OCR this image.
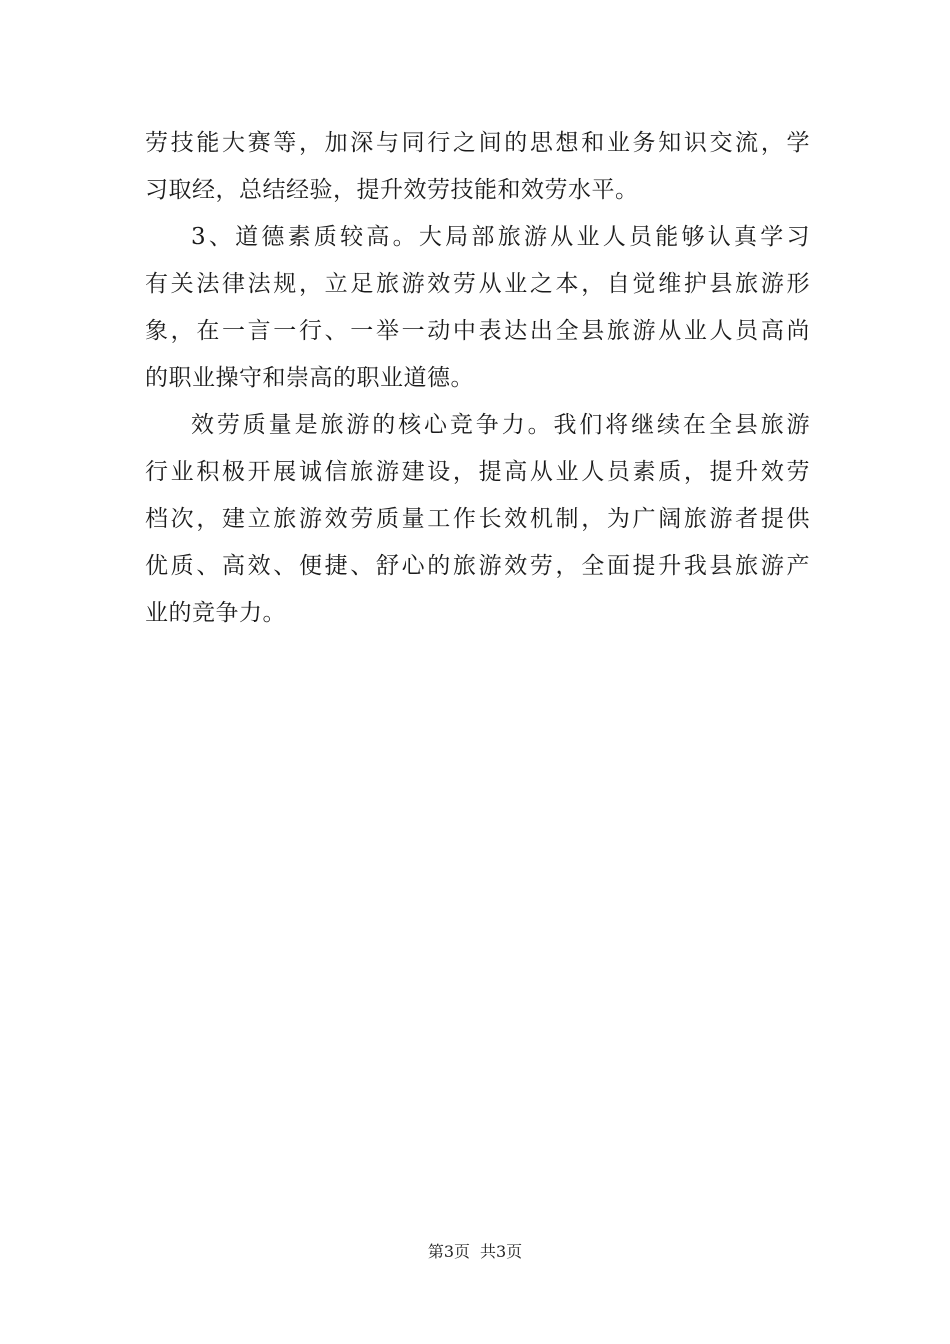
劳技能大赛等，加深与同行之间的思想和业务知识交流，学
习取经，总结经验，提升效劳技能和效劳水平。
3、道德素质较高。大局部旅游从业人员能够认真学习
有关法律法规，立足旅游效劳从业之本，自觉维护县旅游形
象，在一言一行、一举一动中表达出全县旅游从业人员高尚
的职业操守和崇高的职业道德。
效劳质量是旅游的核心竞争力。我们将继续在全县旅游
行业积极开展诚信旅游建设，提高从业人员素质，提升效劳
档次，建立旅游效劳质量工作长效机制，为广阔旅游者提供
优质、高效、便捷、舒心的旅游效劳，全面提升我县旅游产
业的竞争力。
第3页 共3页
